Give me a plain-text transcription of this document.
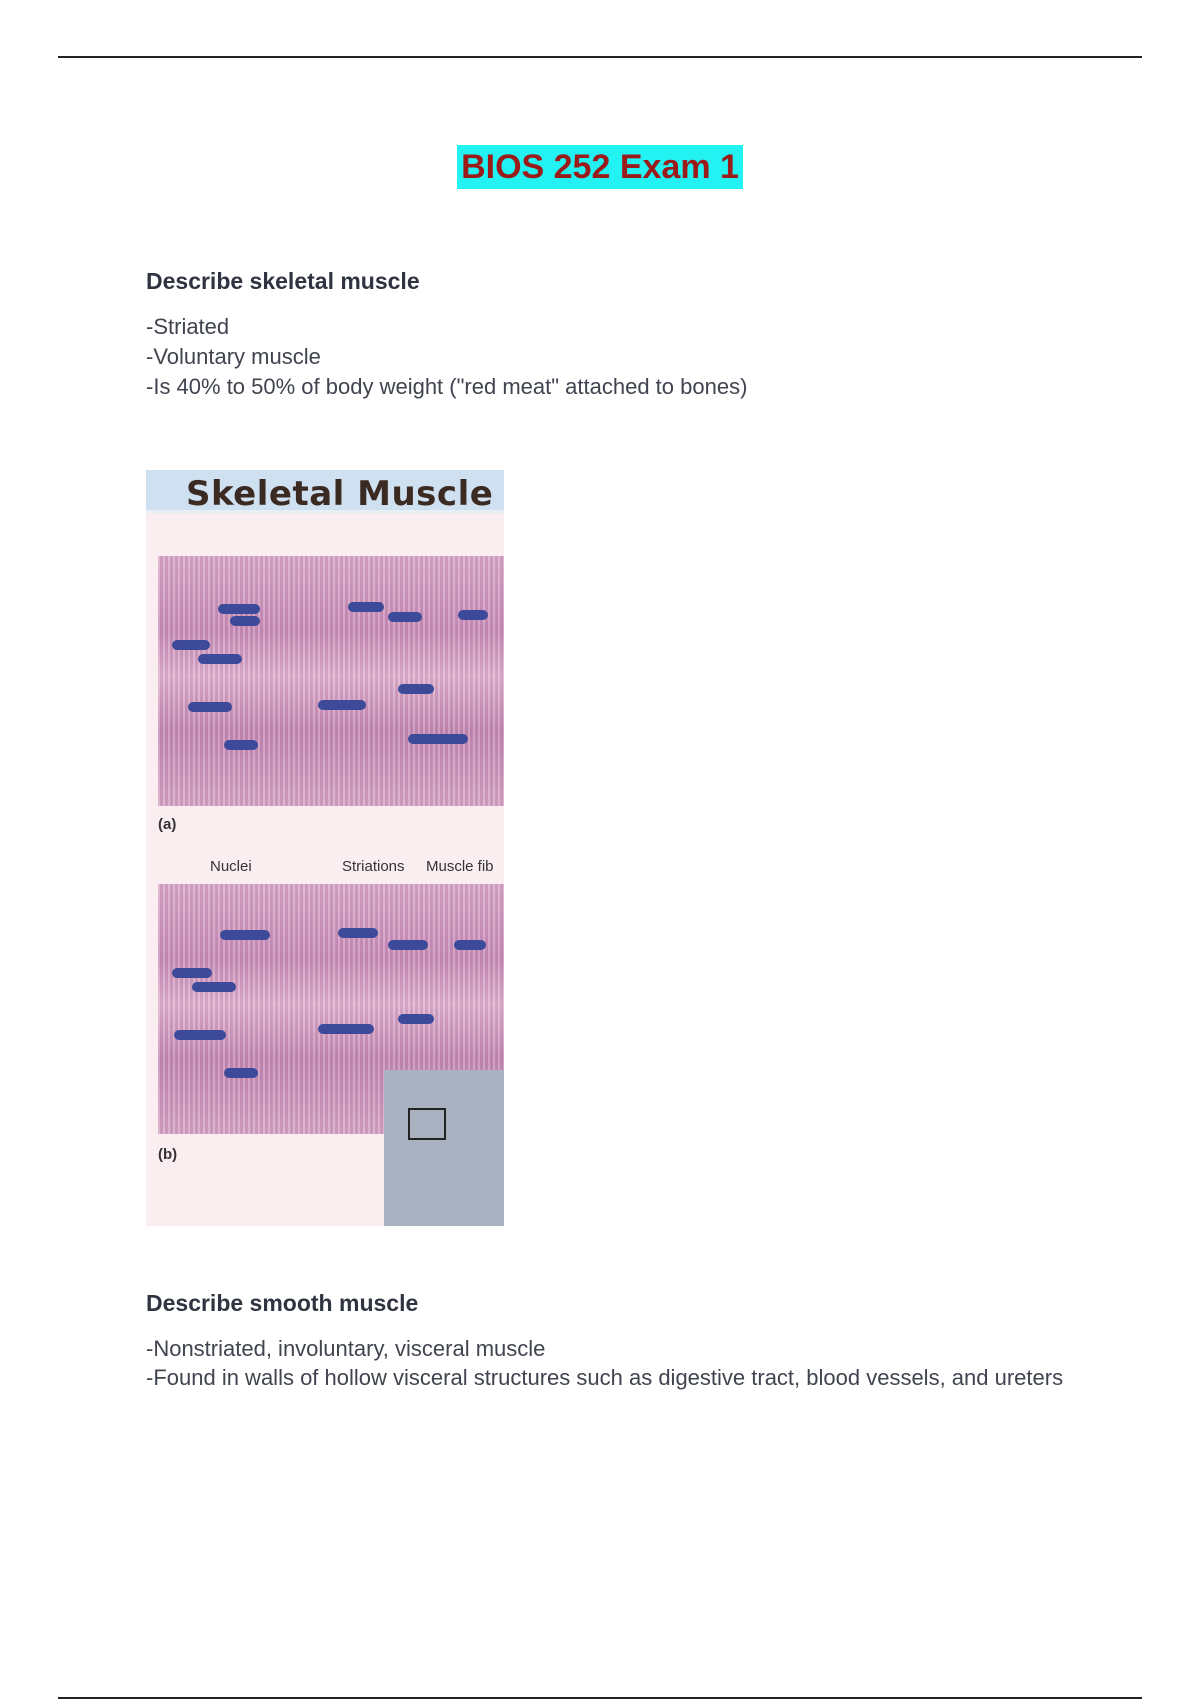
BIOS 252 Exam 1
Describe skeletal muscle
-Striated
-Voluntary muscle
-Is 40% to 50% of body weight ("red meat" attached to bones)
Skeletal Muscle
(a)
Nuclei	Striations Muscle fib
(b)
Describe smooth muscle
-Nonstriated, involuntary, visceral muscle
-Found in walls of hollow visceral structures such as digestive tract, blood vessels, and ureters
